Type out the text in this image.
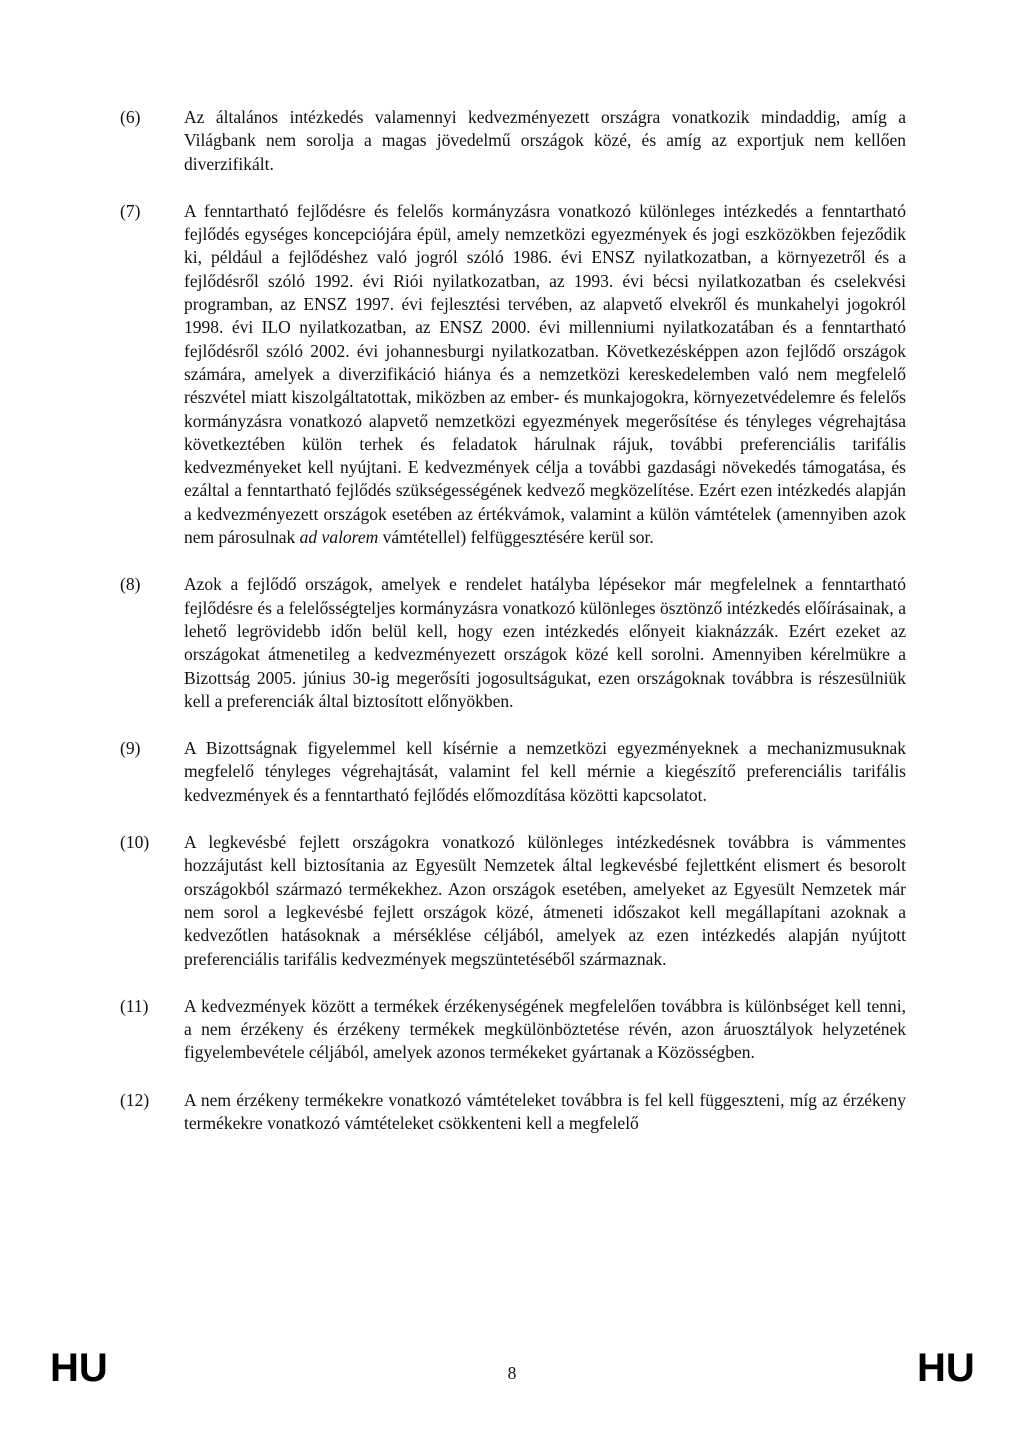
(6)	Az általános intézkedés valamennyi kedvezményezett országra vonatkozik mindaddig, amíg a Világbank nem sorolja a magas jövedelmű országok közé, és amíg az exportjuk nem kellően diverzifikált.
(7)	A fenntartható fejlődésre és felelős kormányzásra vonatkozó különleges intézkedés a fenntartható fejlődés egységes koncepciójára épül, amely nemzetközi egyezmények és jogi eszközökben fejeződik ki, például a fejlődéshez való jogról szóló 1986. évi ENSZ nyilatkozatban, a környezetről és a fejlődésről szóló 1992. évi Riói nyilatkozatban, az 1993. évi bécsi nyilatkozatban és cselekvési programban, az ENSZ 1997. évi fejlesztési tervében, az alapvető elvekről és munkahelyi jogokról 1998. évi ILO nyilatkozatban, az ENSZ 2000. évi millenniumi nyilatkozatában és a fenntartható fejlődésről szóló 2002. évi johannesburgi nyilatkozatban. Következésképpen azon fejlődő országok számára, amelyek a diverzifikáció hiánya és a nemzetközi kereskedelemben való nem megfelelő részvétel miatt kiszolgáltatottak, miközben az ember- és munkajogokra, környezetvédelemre és felelős kormányzásra vonatkozó alapvető nemzetközi egyezmények megerősítése és tényleges végrehajtása következtében külön terhek és feladatok hárulnak rájuk, további preferenciális tarifális kedvezményeket kell nyújtani. E kedvezmények célja a további gazdasági növekedés támogatása, és ezáltal a fenntartható fejlődés szükségességének kedvező megközelítése. Ezért ezen intézkedés alapján a kedvezményezett országok esetében az értékvámok, valamint a külön vámtételek (amennyiben azok nem párosulnak ad valorem vámtétellel) felfüggesztésére kerül sor.
(8)	Azok a fejlődő országok, amelyek e rendelet hatályba lépésekor már megfelelnek a fenntartható fejlődésre és a felelősségteljes kormányzásra vonatkozó különleges ösztönző intézkedés előírásainak, a lehető legrövidebb időn belül kell, hogy ezen intézkedés előnyeit kiaknázzák. Ezért ezeket az országokat átmenetileg a kedvezményezett országok közé kell sorolni. Amennyiben kérelmükre a Bizottság 2005. június 30-ig megerősíti jogosultságukat, ezen országoknak továbbra is részesülniük kell a preferenciák által biztosított előnyökben.
(9)	A Bizottságnak figyelemmel kell kísérnie a nemzetközi egyezményeknek a mechanizmusuknak megfelelő tényleges végrehajtását, valamint fel kell mérnie a kiegészítő preferenciális tarifális kedvezmények és a fenntartható fejlődés előmozdítása közötti kapcsolatot.
(10)	A legkevésbé fejlett országokra vonatkozó különleges intézkedésnek továbbra is vámmentes hozzájutást kell biztosítania az Egyesült Nemzetek által legkevésbé fejlettként elismert és besorolt országokból származó termékekhez. Azon országok esetében, amelyeket az Egyesült Nemzetek már nem sorol a legkevésbé fejlett országok közé, átmeneti időszakot kell megállapítani azoknak a kedvezőtlen hatásoknak a mérséklése céljából, amelyek az ezen intézkedés alapján nyújtott preferenciális tarifális kedvezmények megszüntetéséből származnak.
(11)	A kedvezmények között a termékek érzékenységének megfelelően továbbra is különbséget kell tenni, a nem érzékeny és érzékeny termékek megkülönböztetése révén, azon áruosztályok helyzetének figyelembevétele céljából, amelyek azonos termékeket gyártanak a Közösségben.
(12)	A nem érzékeny termékekre vonatkozó vámtételeket továbbra is fel kell függeszteni, míg az érzékeny termékekre vonatkozó vámtételeket csökkenteni kell a megfelelő
HU	8	HU
